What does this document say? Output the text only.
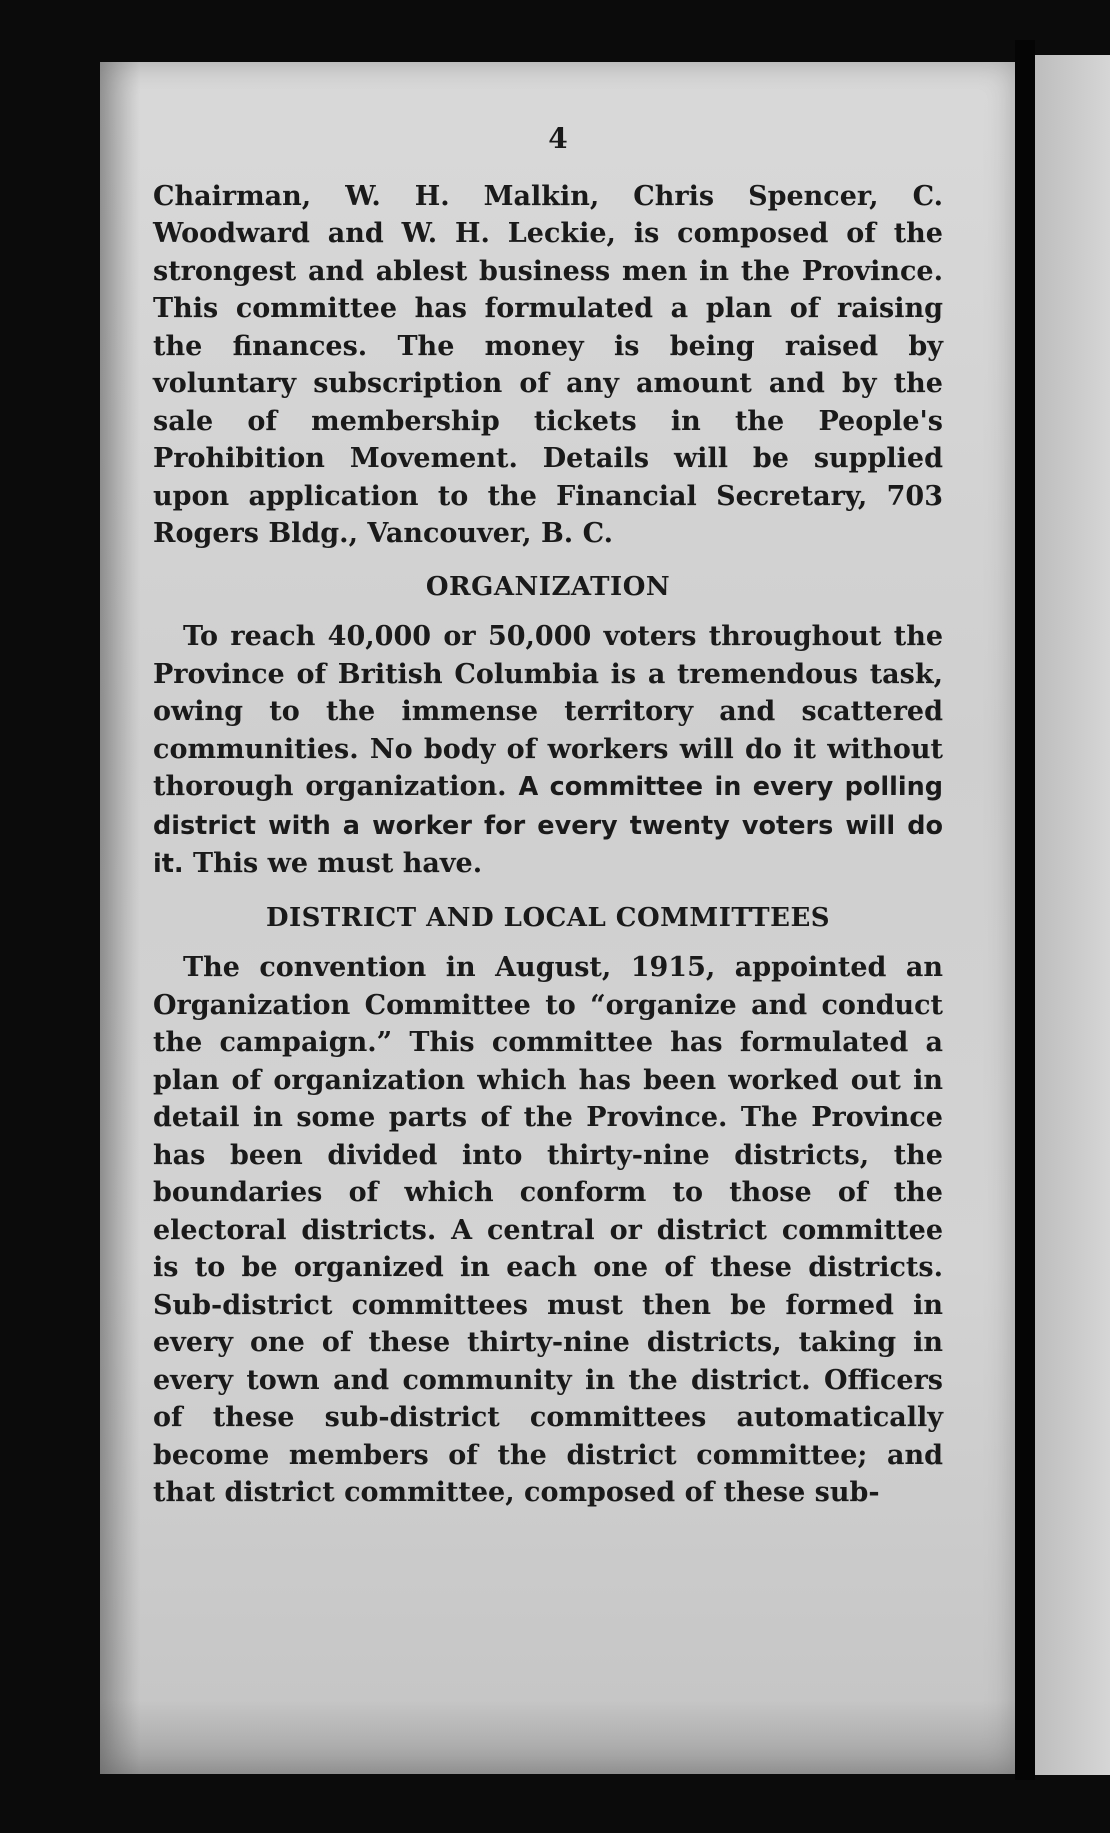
4

Chairman, W. H. Malkin, Chris Spencer, C. Woodward and W. H. Leckie, is composed of the strongest and ablest business men in the Province. This committee has formulated a plan of raising the finances. The money is being raised by voluntary subscription of any amount and by the sale of membership tickets in the People's Prohibition Movement. Details will be supplied upon application to the Financial Secretary, 703 Rogers Bldg., Vancouver, B. C.

ORGANIZATION

To reach 40,000 or 50,000 voters throughout the Province of British Columbia is a tremendous task, owing to the immense territory and scattered communities. No body of workers will do it without thorough organization. A committee in every polling district with a worker for every twenty voters will do it. This we must have.

DISTRICT AND LOCAL COMMITTEES

The convention in August, 1915, appointed an Organization Committee to “organize and conduct the campaign.” This committee has formulated a plan of organization which has been worked out in detail in some parts of the Province. The Province has been divided into thirty-nine districts, the boundaries of which conform to those of the electoral districts. A central or district committee is to be organized in each one of these districts. Sub-district committees must then be formed in every one of these thirty-nine districts, taking in every town and community in the district. Officers of these sub-district committees automatically become members of the district committee; and that district committee, composed of these sub-
